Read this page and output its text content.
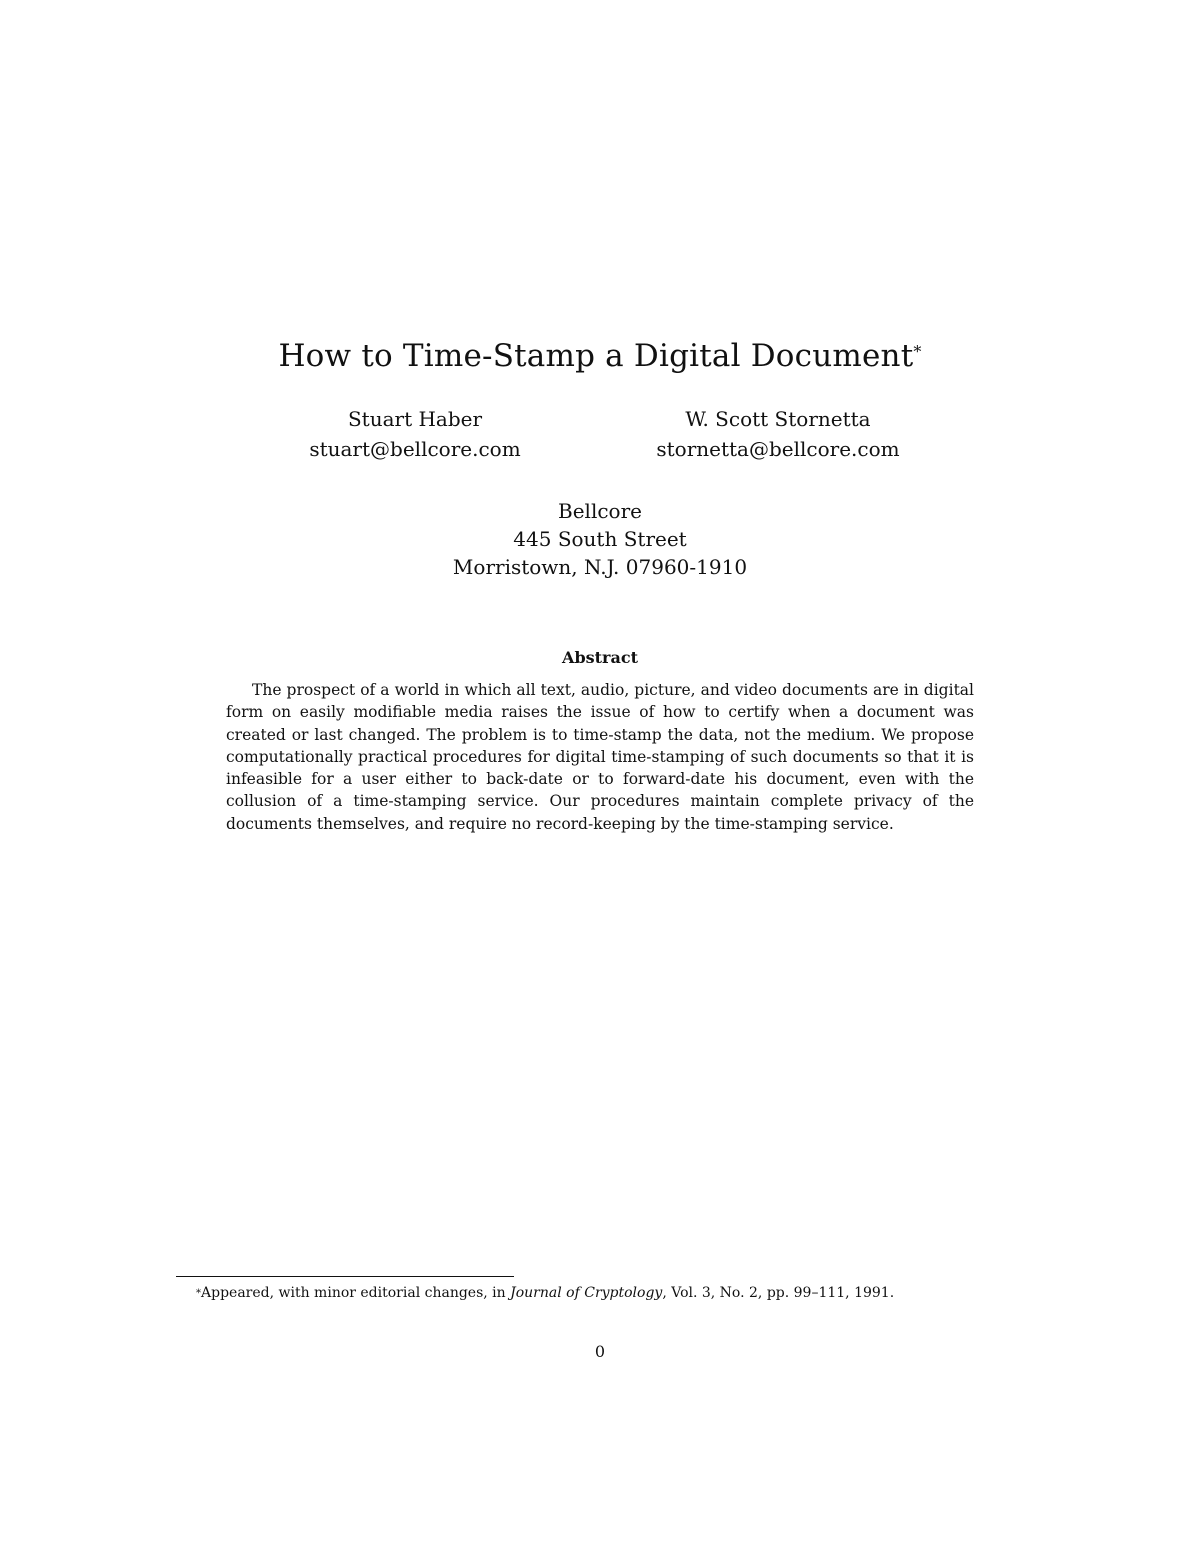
How to Time-Stamp a Digital Document*
Stuart Haber
stuart@bellcore.com
W. Scott Stornetta
stornetta@bellcore.com
Bellcore
445 South Street
Morristown, N.J. 07960-1910
Abstract

The prospect of a world in which all text, audio, picture, and video documents are in digital form on easily modifiable media raises the issue of how to certify when a document was created or last changed. The problem is to time-stamp the data, not the medium. We propose computationally practical procedures for digital time-stamping of such documents so that it is infeasible for a user either to back-date or to forward-date his document, even with the collusion of a time-stamping service. Our procedures maintain complete privacy of the documents themselves, and require no record-keeping by the time-stamping service.

*Appeared, with minor editorial changes, in Journal of Cryptology, Vol. 3, No. 2, pp. 99–111, 1991.
0
